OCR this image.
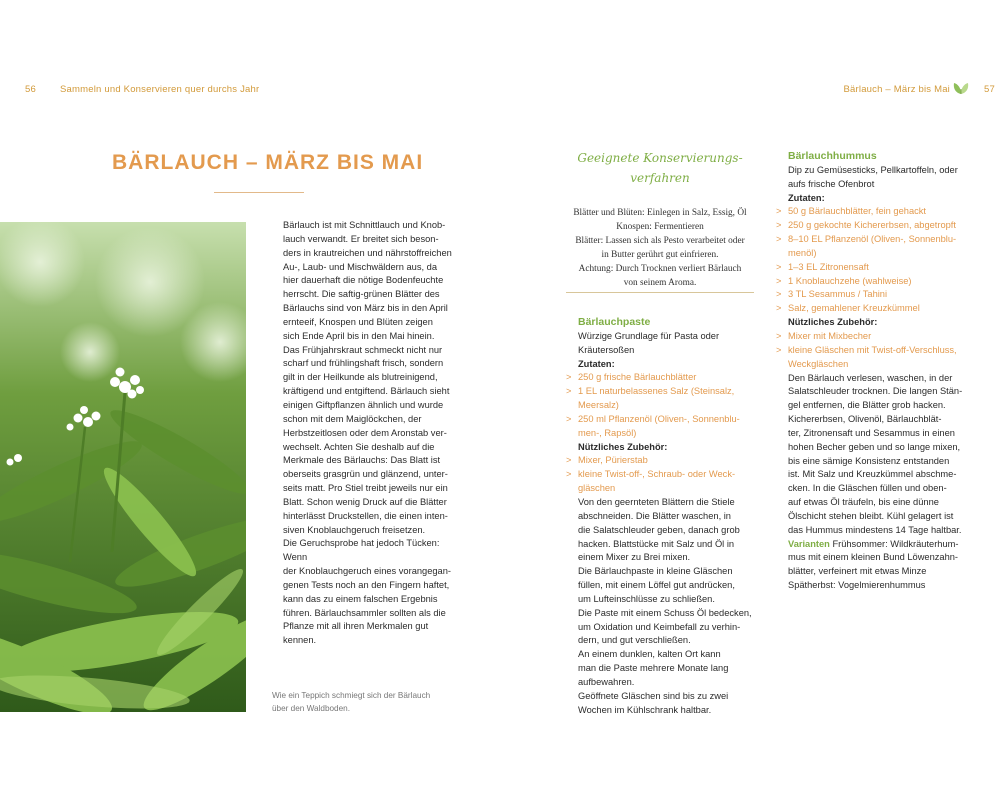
56	Sammeln und Konservieren quer durchs Jahr	Bärlauch – März bis Mai	57
BÄRLAUCH – MÄRZ BIS MAI
Bärlauch ist mit Schnittlauch und Knob-
lauch verwandt. Er breitet sich beson-
ders in krautreichen und nährstoffreichen
Au-, Laub- und Mischwäldern aus, da
hier dauerhaft die nötige Bodenfeuchte
herrscht. Die saftig-grünen Blätter des
Bärlauchs sind von März bis in den April
ernteeif, Knospen und Blüten zeigen
sich Ende April bis in den Mai hinein.
Das Frühjahrskraut schmeckt nicht nur
scharf und frühlingshaft frisch, sondern
gilt in der Heilkunde als blutreinigend,
kräftigend und entgiftend. Bärlauch sieht
einigen Giftpflanzen ähnlich und wurde
schon mit dem Maiglöckchen, der
Herbstzeitlosen oder dem Aronstab ver-
wechselt. Achten Sie deshalb auf die
Merkmale des Bärlauchs: Das Blatt ist
oberseits grasgrün und glänzend, unter-
seits matt. Pro Stiel treibt jeweils nur ein
Blatt. Schon wenig Druck auf die Blätter
hinterlässt Druckstellen, die einen inten-
siven Knoblauchgeruch freisetzen.
Die Geruchsprobe hat jedoch Tücken: Wenn
der Knoblauchgeruch eines vorangegan-
genen Tests noch an den Fingern haftet,
kann das zu einem falschen Ergebnis
führen. Bärlauchsammler sollten als die
Pflanze mit all ihren Merkmalen gut
kennen.
Wie ein Teppich schmiegt sich der Bärlauch
über den Waldboden.
Geeignete Konservierungs-
verfahren
Blätter und Blüten: Einlegen in Salz, Essig, Öl
Knospen: Fermentieren
Blätter: Lassen sich als Pesto verarbeitet oder
in Butter gerührt gut einfrieren.
Achtung: Durch Trocknen verliert Bärlauch
von seinem Aroma.
Bärlauchpaste
Würzige Grundlage für Pasta oder
Kräutersoßen
Zutaten:
> 250 g frische Bärlauchblätter
> 1 EL naturbelassenes Salz (Steinsalz,
Meersalz)
> 250 ml Pflanzenöl (Oliven-, Sonnenblu-
men-, Rapsöl)
Nützliches Zubehör:
> Mixer, Pürierstab
> kleine Twist-off-, Schraub- oder Weck-
gläschen
Von den geernteten Blättern die Stiele
abschneiden. Die Blätter waschen, in
die Salatschleuder geben, danach grob
hacken. Blattstücke mit Salz und Öl in
einem Mixer zu Brei mixen.
Die Bärlauchpaste in kleine Gläschen
füllen, mit einem Löffel gut andrücken,
um Lufteinschlüsse zu schließen.
Die Paste mit einem Schuss Öl bedecken,
um Oxidation und Keimbefall zu verhin-
dern, und gut verschließen.
An einem dunklen, kalten Ort kann
man die Paste mehrere Monate lang
aufbewahren.
Geöffnete Gläschen sind bis zu zwei
Wochen im Kühlschrank haltbar.
Bärlauchhummus
Dip zu Gemüsesticks, Pellkartoffeln, oder
aufs frische Ofenbrot
Zutaten:
> 50 g Bärlauchblätter, fein gehackt
> 250 g gekochte Kichererbsen, abgetropft
> 8–10 EL Pflanzenöl (Oliven-, Sonnenblu-
menöl)
> 1–3 EL Zitronensaft
> 1 Knoblauchzehe (wahlweise)
> 3 TL Sesammus / Tahini
> Salz, gemahlener Kreuzkümmel
Nützliches Zubehör:
> Mixer mit Mixbecher
> kleine Gläschen mit Twist-off-Verschluss,
Weckgläschen
Den Bärlauch verlesen, waschen, in der
Salatschleuder trocknen. Die langen Stän-
gel entfernen, die Blätter grob hacken.
Kichererbsen, Olivenöl, Bärlauchblät-
ter, Zitronensaft und Sesammus in einen
hohen Becher geben und so lange mixen,
bis eine sämige Konsistenz entstanden
ist. Mit Salz und Kreuzkümmel abschme-
cken. In die Gläschen füllen und oben-
auf etwas Öl träufeln, bis eine dünne
Ölschicht stehen bleibt. Kühl gelagert ist
das Hummus mindestens 14 Tage haltbar.
Varianten Frühsommer: Wildkräuterhum-
mus mit einem kleinen Bund Löwenzahn-
blätter, verfeinert mit etwas Minze
Spätherbst: Vogelmierenhummus
